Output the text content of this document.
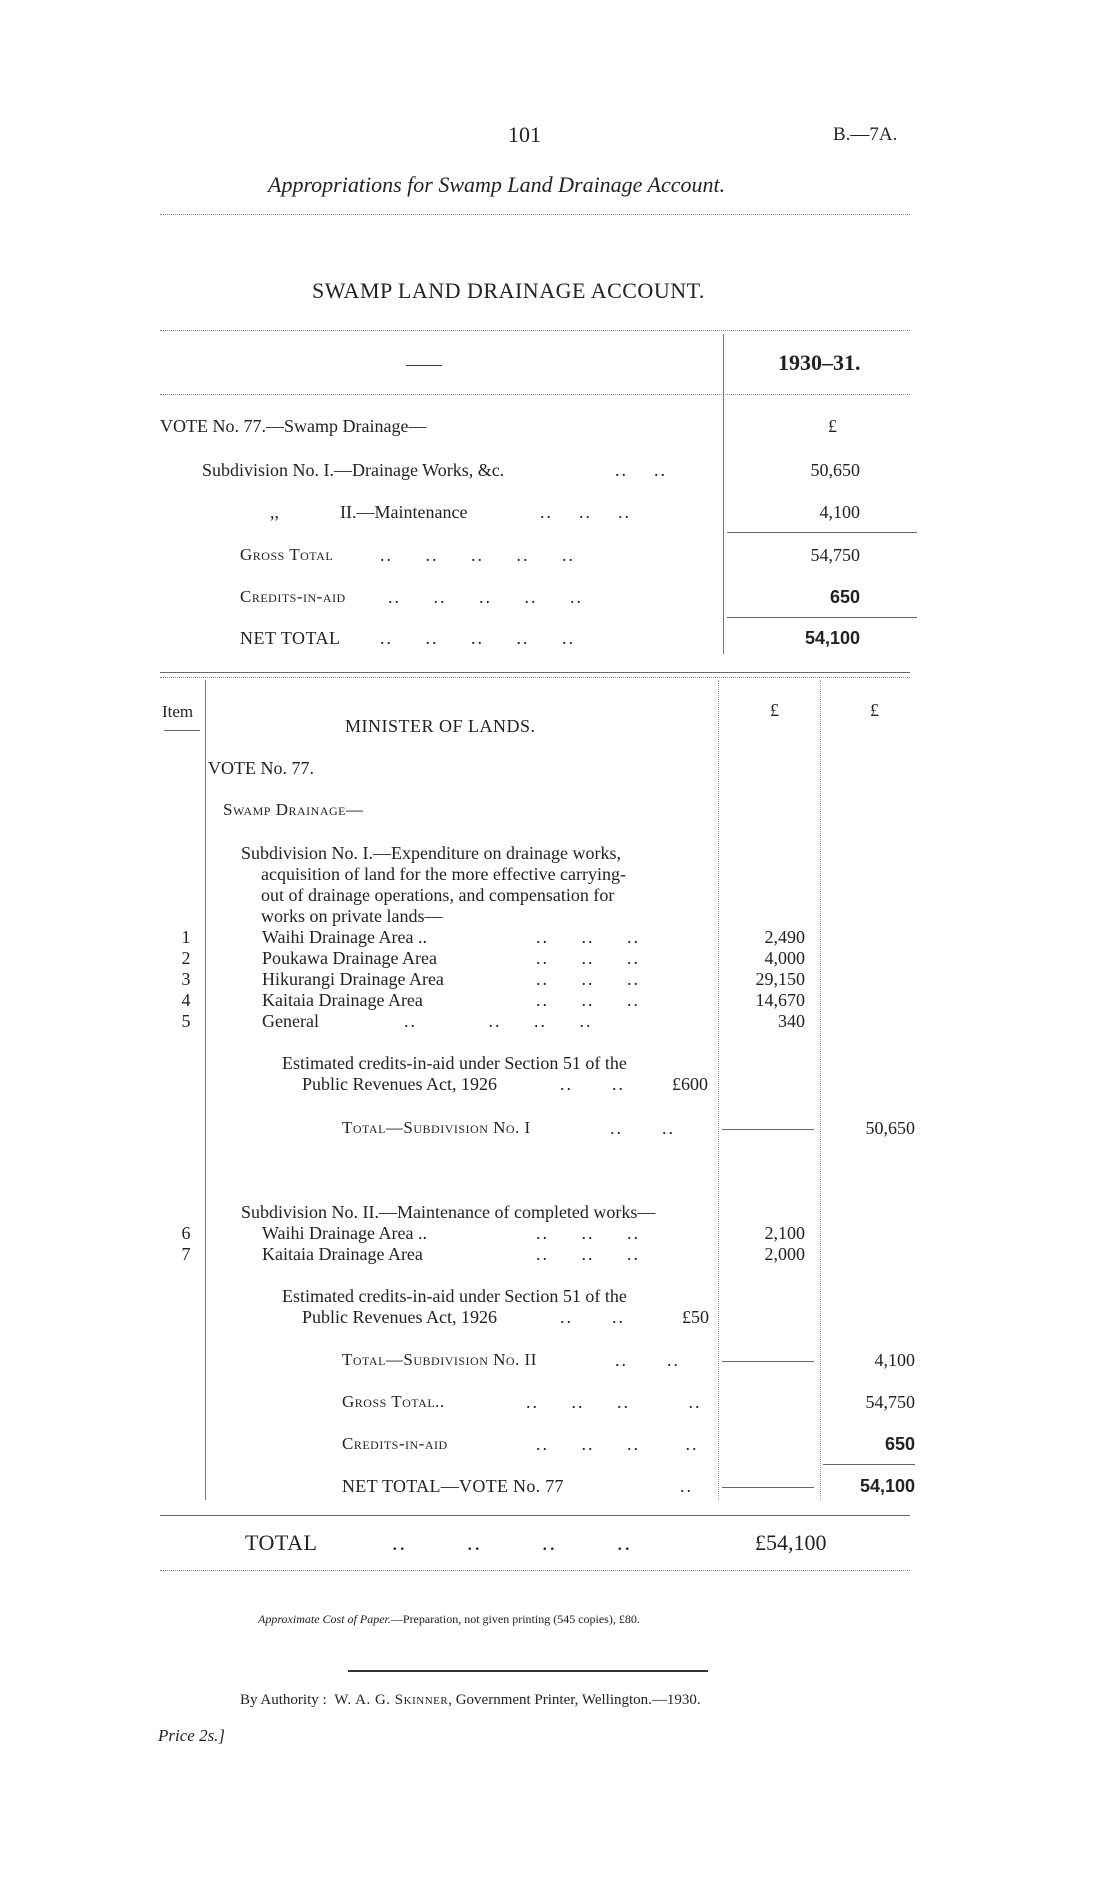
101	B.—7A.
Appropriations for Swamp Land Drainage Account.
SWAMP LAND DRAINAGE ACCOUNT.
——	1930–31.
VOTE No. 77.—Swamp Drainage—	£
Subdivision No. I.—Drainage Works, &c.	..    ..	50,650
,,	II.—Maintenance	..    ..    ..	4,100
Gross Total	..     ..     ..     ..     ..	54,750
Credits-in-aid ..     ..     ..     ..     ..	650
NET TOTAL ..     ..     ..     ..     ..	54,100
Item	£	£
MINISTER OF LANDS.
VOTE No. 77.
Swamp Drainage—
Subdivision No. I.—Expenditure on drainage works,
acquisition of land for the more effective carrying-
out of drainage operations, and compensation for
works on private lands—
1	Waihi Drainage Area ..	..     ..     ..	2,490
2	Poukawa Drainage Area	..     ..     ..	4,000
3	Hikurangi Drainage Area	..     ..     ..	29,150
4	Kaitaia Drainage Area	..     ..     ..	14,670
5	General	..           ..     ..     ..	340
Estimated credits-in-aid under Section 51 of the
Public Revenues Act, 1926	..      ..	£600
Total—Subdivision No. I	..      ..	50,650
Subdivision No. II.—Maintenance of completed works—
6	Waihi Drainage Area ..	..     ..     ..	2,100
7	Kaitaia Drainage Area	..     ..     ..	2,000
Estimated credits-in-aid under Section 51 of the
Public Revenues Act, 1926	..      ..	£50
Total—Subdivision No. II	..      ..	4,100
Gross Total..	..     ..     ..         ..	54,750
Credits-in-aid	..     ..     ..       ..	650
NET TOTAL—VOTE No. 77	..	54,100
TOTAL	..        ..        ..        ..	£54,100
Approximate Cost of Paper.—Preparation, not given printing (545 copies), £80.
By Authority : W. A. G. Skinner, Government Printer, Wellington.—1930.
Price 2s.]
